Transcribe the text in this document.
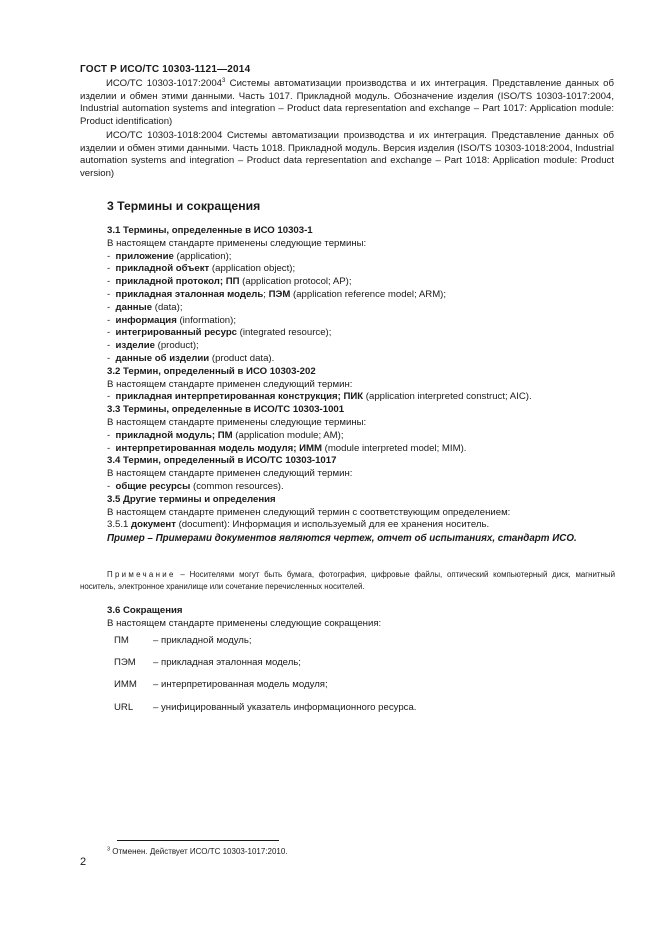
ГОСТ Р ИСО/ТС 10303-1121—2014
ИСО/ТС 10303-1017:2004$^3$ Системы автоматизации производства и их интеграция. Представление данных об изделии и обмен этими данными. Часть 1017. Прикладной модуль. Обозначение изделия (ISO/TS 10303-1017:2004, Industrial automation systems and integration – Product data representation and exchange – Part 1017: Application module: Product identification)
ИСО/ТС 10303-1018:2004 Системы автоматизации производства и их интеграция. Представление данных об изделии и обмен этими данными. Часть 1018. Прикладной модуль. Версия изделия (ISO/TS 10303-1018:2004, Industrial automation systems and integration – Product data representation and exchange – Part 1018: Application module: Product version)
3 Термины и сокращения
3.1 Термины, определенные в ИСО 10303-1
В настоящем стандарте применены следующие термины:
- приложение (application);
- прикладной объект (application object);
- прикладной протокол; ПП (application protocol; AP);
- прикладная эталонная модель; ПЭМ (application reference model; ARM);
- данные (data);
- информация (information);
- интегрированный ресурс (integrated resource);
- изделие (product);
- данные об изделии (product data).
3.2 Термин, определенный в ИСО 10303-202
В настоящем стандарте применен следующий термин:
- прикладная интерпретированная конструкция; ПИК (application interpreted construct; AIC).
3.3 Термины, определенные в ИСО/ТС 10303-1001
В настоящем стандарте применены следующие термины:
- прикладной модуль; ПМ (application module; AM);
- интерпретированная модель модуля; ИММ (module interpreted model; MIM).
3.4 Термин, определенный в ИСО/ТС 10303-1017
В настоящем стандарте применен следующий термин:
- общие ресурсы (common resources).
3.5 Другие термины и определения
В настоящем стандарте применен следующий термин с соответствующим определением:
3.5.1 документ (document): Информация и используемый для ее хранения носитель.
Пример – Примерами документов являются чертеж, отчет об испытаниях, стандарт ИСО.
Примечание – Носителями могут быть бумага, фотография, цифровые файлы, оптический компьютерный диск, магнитный носитель, электронное хранилище или сочетание перечисленных носителей.
3.6 Сокращения
В настоящем стандарте применены следующие сокращения:
ПМ	– прикладной модуль;
ПЭМ – прикладная эталонная модель;
ИММ – интерпретированная модель модуля;
URL – унифицированный указатель информационного ресурса.
$^3$ Отменен. Действует ИСО/ТС 10303-1017:2010.
2
